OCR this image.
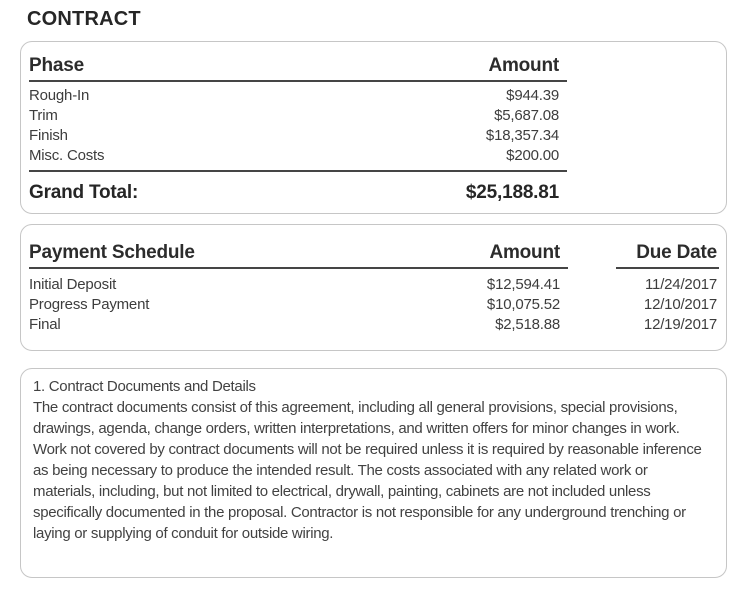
CONTRACT
Phase	Amount
Rough-In	$944.39
Trim	$5,687.08
Finish	$18,357.34
Misc. Costs	$200.00
Grand Total:	$25,188.81
Payment Schedule	Amount	Due Date
Initial Deposit	$12,594.41	11/24/2017
Progress Payment	$10,075.52	12/10/2017
Final	$2,518.88	12/19/2017

1. Contract Documents and Details

The contract documents consist of this agreement, including all general provisions, special provisions, drawings, agenda, change orders, written interpretations, and written offers for minor changes in work. Work not covered by contract documents will not be required unless it is required by reasonable inference as being necessary to produce the intended result. The costs associated with any related work or materials, including, but not limited to electrical, drywall, painting, cabinets are not included unless specifically documented in the proposal. Contractor is not responsible for any underground trenching or laying or supplying of conduit for outside wiring.
